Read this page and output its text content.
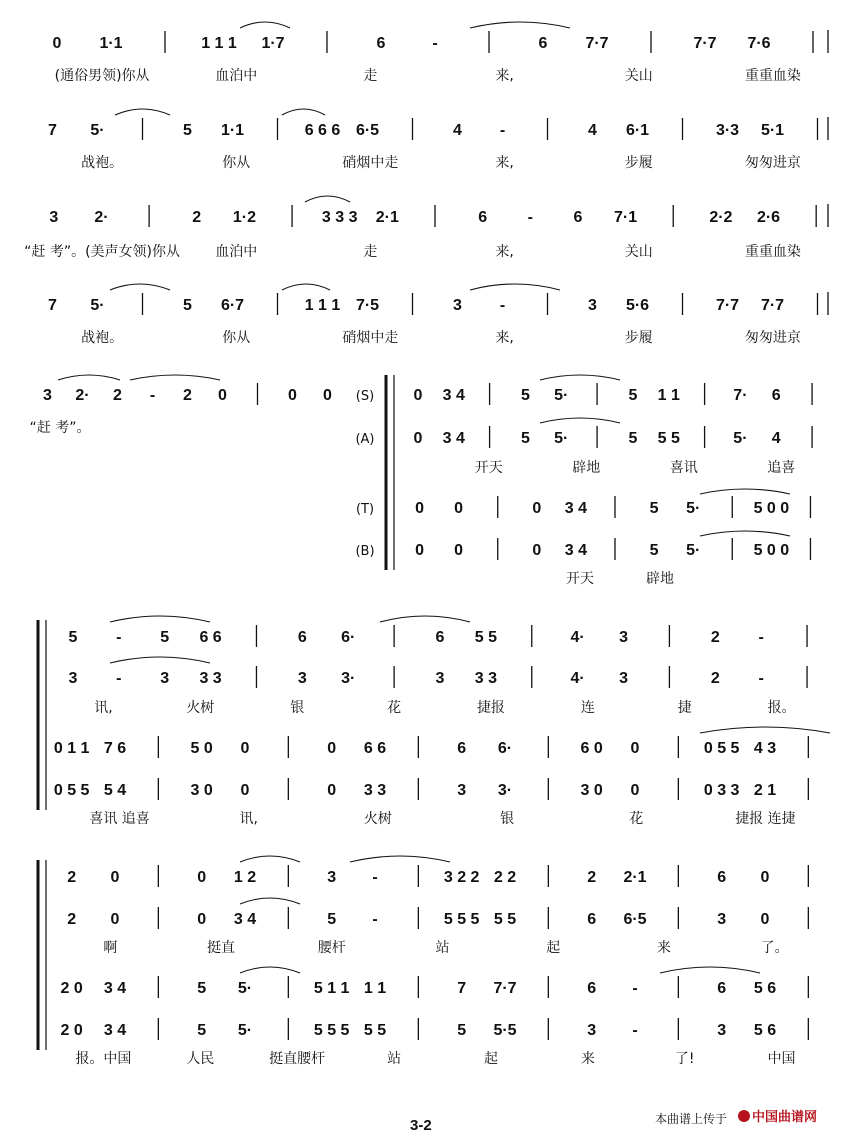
0 1·1	1 1 1 1·7	6	-	6 7·7	7·7 7·6
(通俗男领)你从	血泊中	走	来,	关山	重重血染
7 5·	5 1·1	6 6 6 6·5	4 -	4 6·1	3·3 5·1
战袍。	你从	硝烟中走	来,	步履	匆匆进京
3 2·	2 1·2	3 3 3 2·1	6	-	6 7·1	2·2 2·6
“赶 考”。(美声女领)你从	血泊中	走	来,	关山	重重血染
7 5·	5 6·7	1 1 1 7·5	3 -	3 5·6	7·7 7·7
战袍。	你从	硝烟中走	来,	步履	匆匆进京
3 2· 2 - 2 0	0 0
“赶 考”。
(S)
(A)
(T)
(B)
0 3 4	5 5·	5 1 1	7· 6
0 3 4	5 5·	5 5 5	5· 4
开天	辟地	喜讯	追喜
0 0	0 3 4	5 5·	5 0 0
0 0	0 3 4	5 5·	5 0 0
开天	辟地
5 - 5 6 6	6 6·	6 5 5	4· 3	2 -
3 - 3 3 3	3 3·	3 3 3	4· 3	2 -
讯,	火树	银	花	捷报	连	捷	报。
0 1 1 7 6	5 0 0	0 6 6	6 6·	6 0 0	0 5 5 4 3
0 5 5 5 4	3 0 0	0 3 3	3 3·	3 0 0	0 3 3 2 1
喜讯 追喜	讯,	火树	银	花	捷报 连捷
2 0	0 1 2	3 -	3 2 2 2 2	2 2·1	6 0
2 0	0 3 4	5 -	5 5 5 5 5	6 6·5	3 0
啊	挺直	腰杆	站	起	来	了。
2 0 3 4	5 5·	5 1 1 1 1	7 7·7	6 -	6 5 6
2 0 3 4	5 5·	5 5 5 5 5	5 5·5	3 -	3 5 6
报。中国	人民	挺直腰杆	站	起	来	了!	中国
3-2	本曲谱上传于	中国曲谱网
